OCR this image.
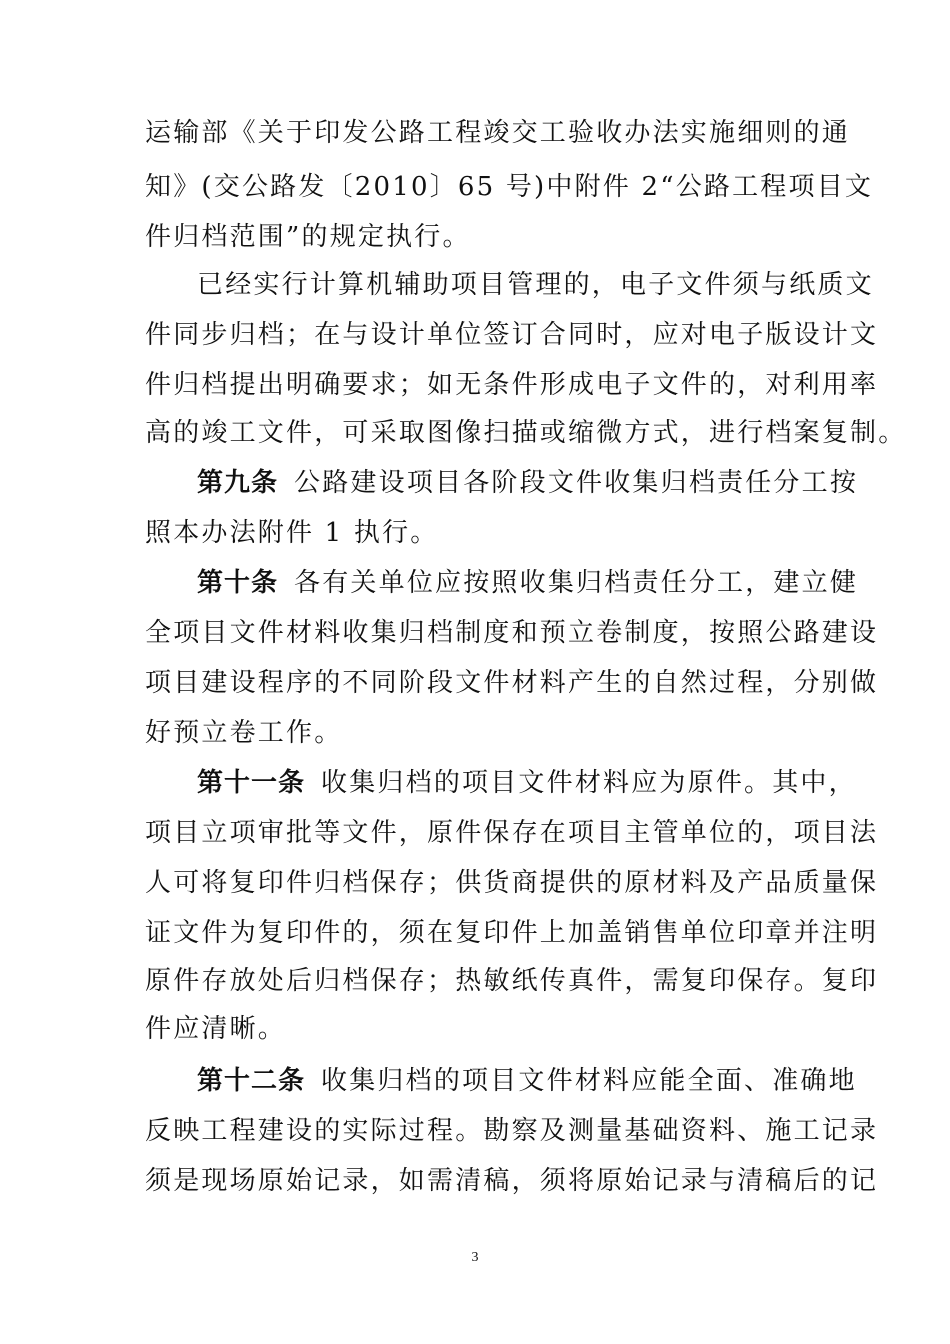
运输部《关于印发公路工程竣交工验收办法实施细则的通
知》(交公路发〔2010〕65 号)中附件 2“公路工程项目文
件归档范围”的规定执行。
已经实行计算机辅助项目管理的，电子文件须与纸质文
件同步归档；在与设计单位签订合同时，应对电子版设计文
件归档提出明确要求；如无条件形成电子文件的，对利用率
高的竣工文件，可采取图像扫描或缩微方式，进行档案复制。
第九条 公路建设项目各阶段文件收集归档责任分工按
照本办法附件 1 执行。
第十条 各有关单位应按照收集归档责任分工，建立健
全项目文件材料收集归档制度和预立卷制度，按照公路建设
项目建设程序的不同阶段文件材料产生的自然过程，分别做
好预立卷工作。
第十一条 收集归档的项目文件材料应为原件。其中，
项目立项审批等文件，原件保存在项目主管单位的，项目法
人可将复印件归档保存；供货商提供的原材料及产品质量保
证文件为复印件的，须在复印件上加盖销售单位印章并注明
原件存放处后归档保存；热敏纸传真件，需复印保存。复印
件应清晰。
第十二条 收集归档的项目文件材料应能全面、准确地
反映工程建设的实际过程。勘察及测量基础资料、施工记录
须是现场原始记录，如需清稿，须将原始记录与清稿后的记
3
